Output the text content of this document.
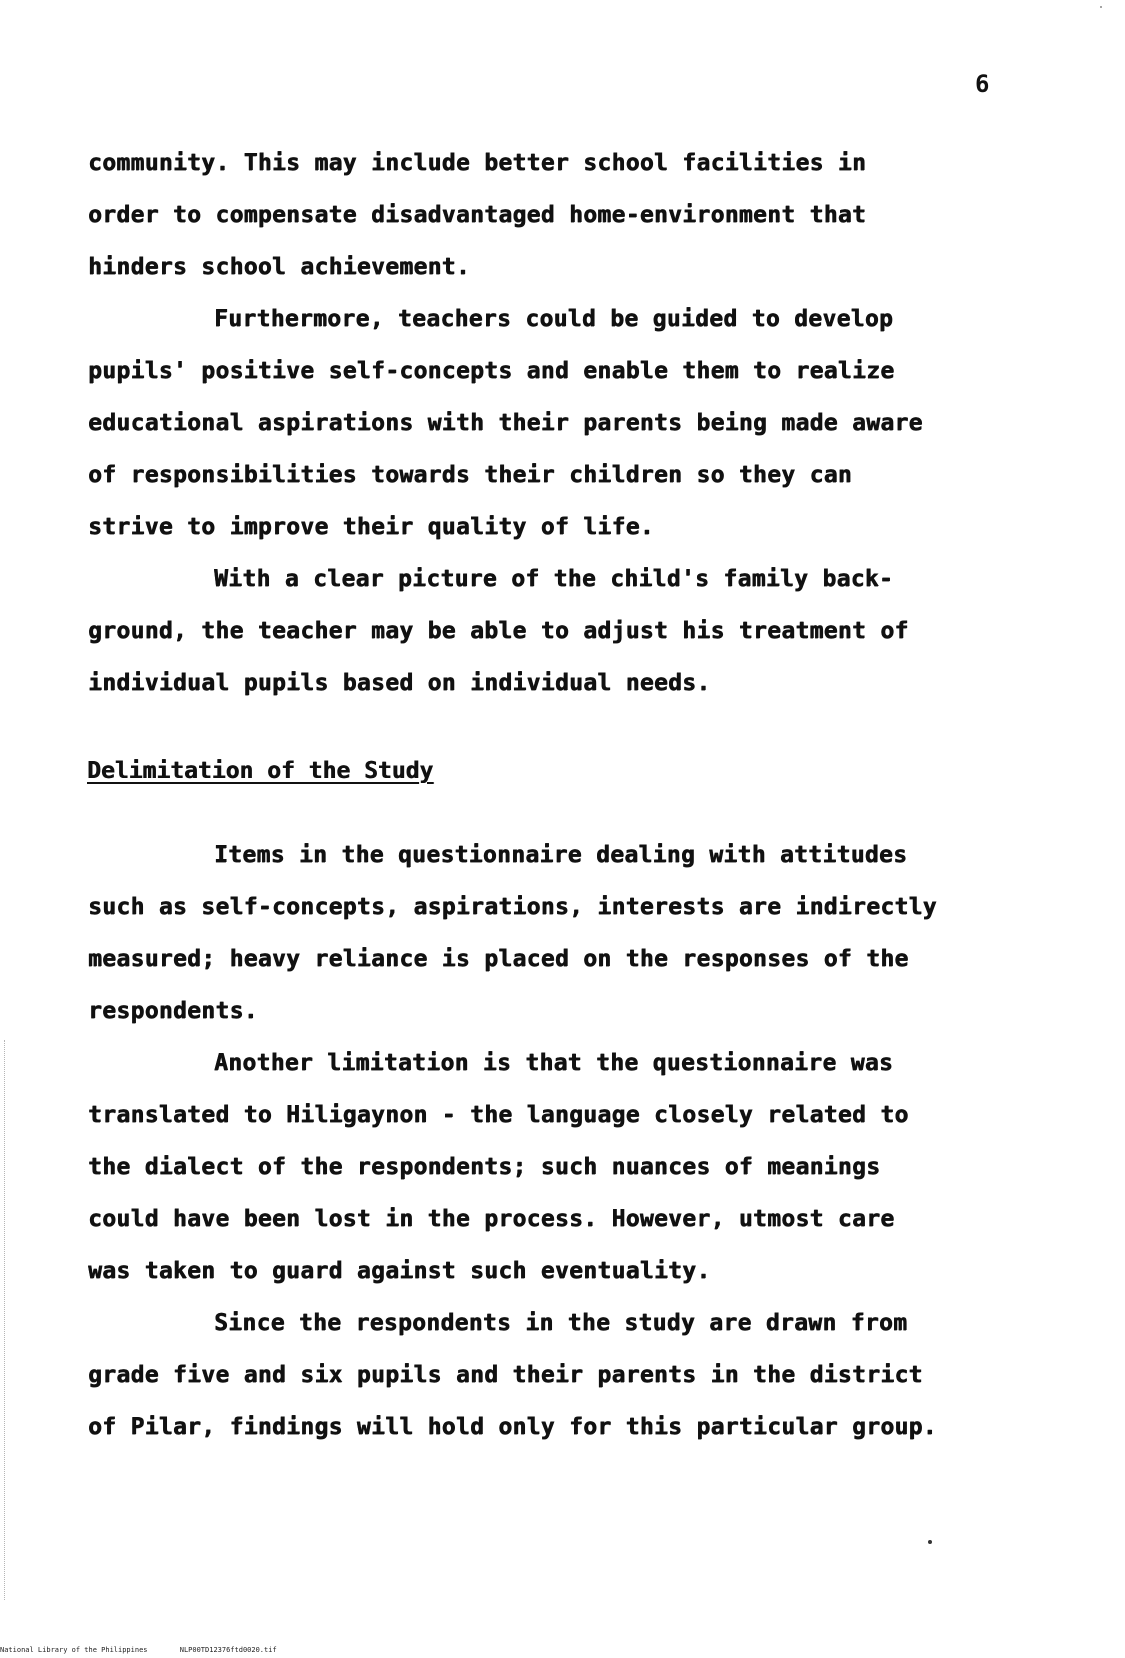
6
community. This may include better school facilities in
order to compensate disadvantaged home-environment that
hinders school achievement.
Furthermore, teachers could be guided to develop
pupils' positive self-concepts and enable them to realize
educational aspirations with their parents being made aware
of responsibilities towards their children so they can
strive to improve their quality of life.
With a clear picture of the child's family back-
ground, the teacher may be able to adjust his treatment of
individual pupils based on individual needs.
Delimitation of the Study
Items in the questionnaire dealing with attitudes
such as self-concepts, aspirations, interests are indirectly
measured; heavy reliance is placed on the responses of the
respondents.
Another limitation is that the questionnaire was
translated to Hiligaynon - the language closely related to
the dialect of the respondents; such nuances of meanings
could have been lost in the process. However, utmost care
was taken to guard against such eventuality.
Since the respondents in the study are drawn from
grade five and six pupils and their parents in the district
of Pilar, findings will hold only for this particular group.
National Library of the Philippines	NLP00TD12376ftd0020.tif
